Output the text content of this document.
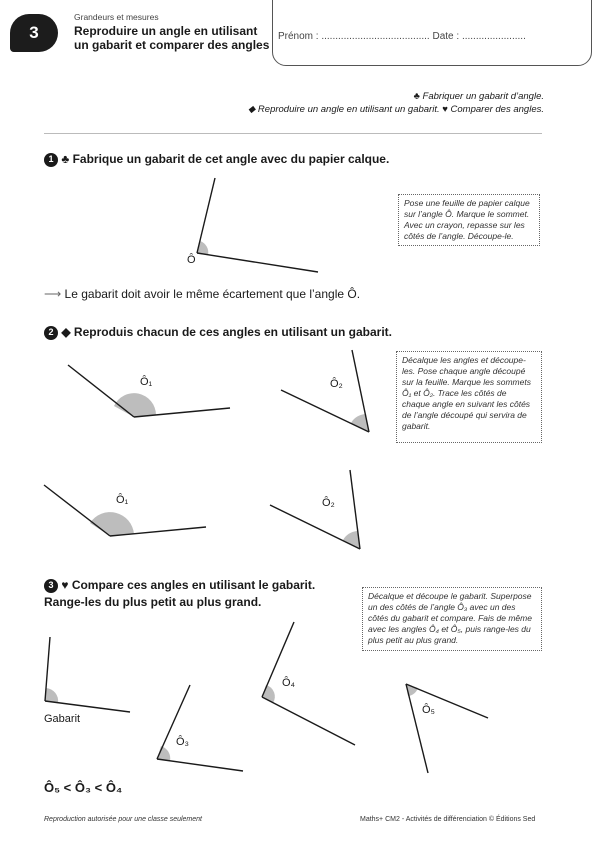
3
Grandeurs et mesures
Reproduire un angle en utilisant un gabarit et comparer des angles
Prénom : ....................................... Date : .......................
♣ Fabriquer un gabarit d’angle.
◆ Reproduire un angle en utilisant un gabarit. ♥ Comparer des angles.
1 ♣ Fabrique un gabarit de cet angle avec du papier calque.
Pose une feuille de papier calque sur l’angle Ô. Marque le sommet. Avec un crayon, repasse sur les côtés de l’angle. Découpe-le.
Ô
⟶ Le gabarit doit avoir le même écartement que l’angle Ô.
2 ◆ Reproduis chacun de ces angles en utilisant un gabarit.
Décalque les angles et découpe-les. Pose chaque angle découpé sur la feuille. Marque les sommets Ô₁ et Ô₂. Trace les côtés de chaque angle en suivant les côtés de l’angle découpé qui servira de gabarit.
Ô₁	Ô₂
Ô₁	Ô₂
3 ♥ Compare ces angles en utilisant le gabarit.
Range-les du plus petit au plus grand.	Décalque et découpe le gabarit. Superpose un des côtés de l’angle Ô₃ avec un des côtés du gabarit et compare. Fais de même avec les angles Ô₄ et Ô₅, puis range-les du plus petit au plus grand.
Gabarit
Ô₄
Ô₃
Ô₅
Ô₅ < Ô₃ < Ô₄
Reproduction autorisée pour une classe seulement	Maths+ CM2 - Activités de différenciation © Éditions Sed
